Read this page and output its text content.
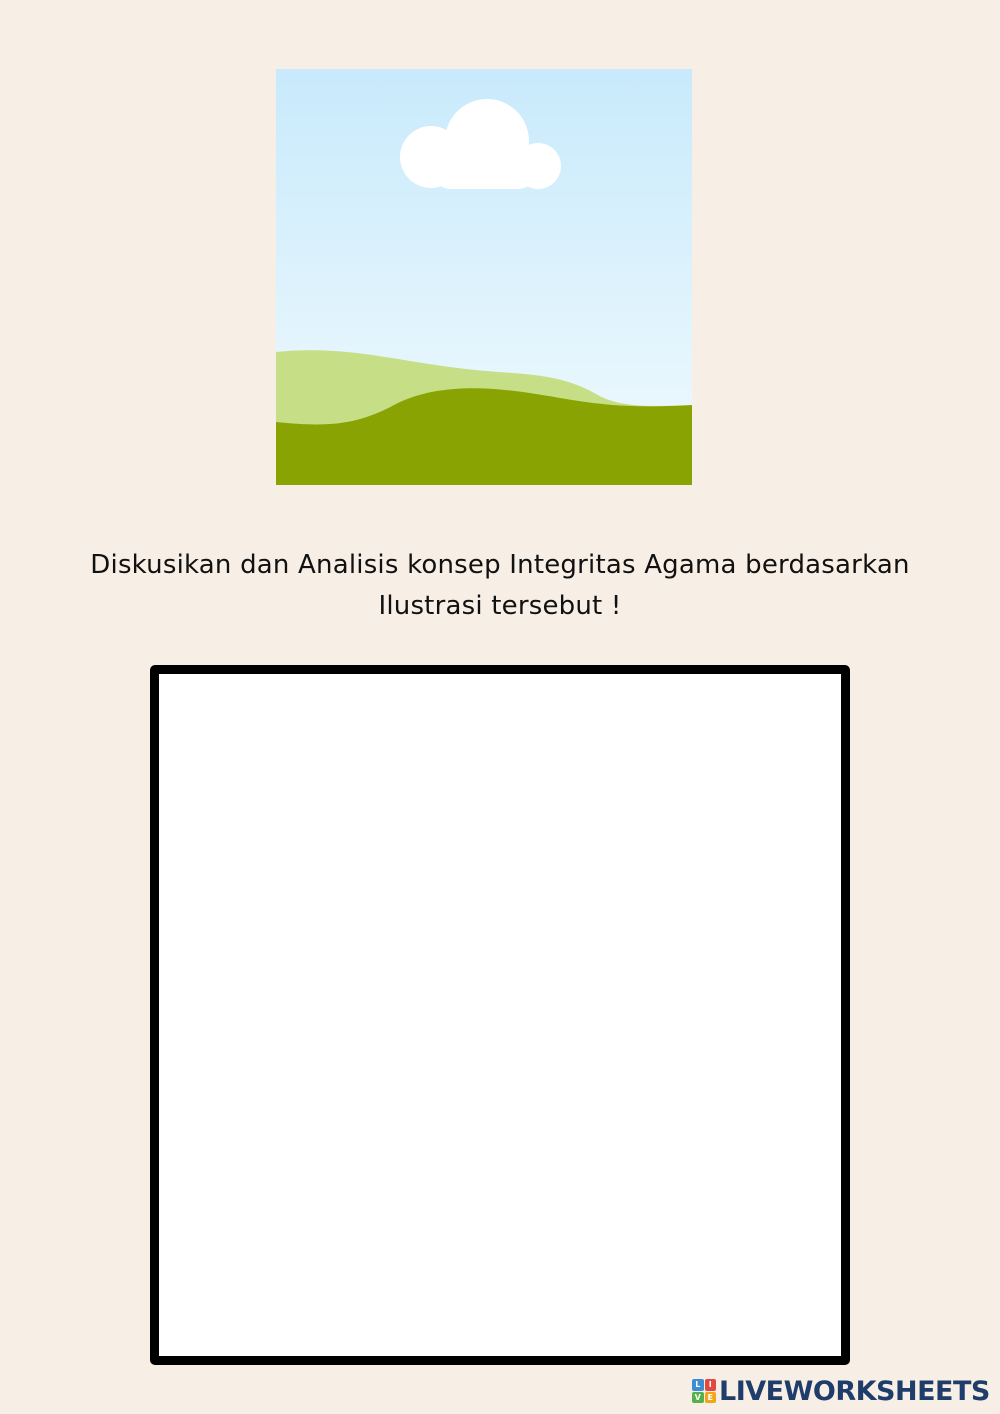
Diskusikan dan Analisis konsep Integritas Agama berdasarkan
Ilustrasi tersebut !

L	I
V E LIVEWORKSHEETS
